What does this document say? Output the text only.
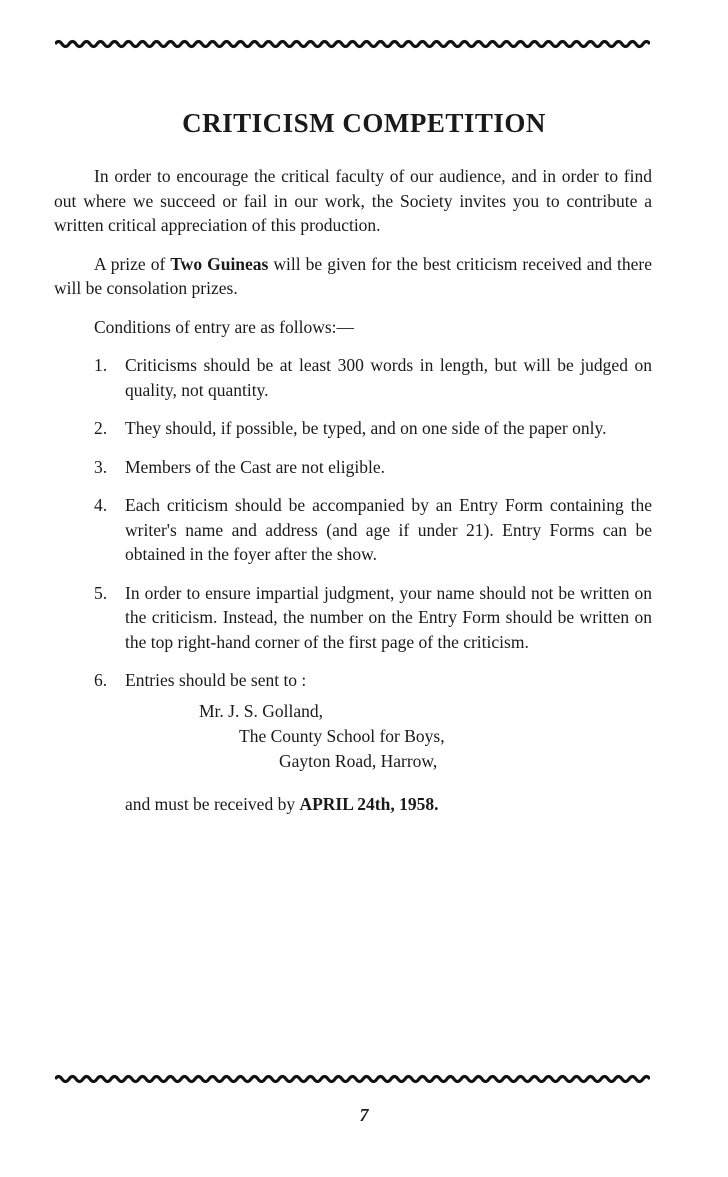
CRITICISM COMPETITION

In order to encourage the critical faculty of our audience, and in order to find out where we succeed or fail in our work, the Society invites you to contribute a written critical appreciation of this production.

A prize of Two Guineas will be given for the best criticism received and there will be consolation prizes.

Conditions of entry are as follows:—

1. Criticisms should be at least 300 words in length, but will be judged on quality, not quantity.
2. They should, if possible, be typed, and on one side of the paper only.
3. Members of the Cast are not eligible.
4. Each criticism should be accompanied by an Entry Form containing the writer's name and address (and age if under 21). Entry Forms can be obtained in the foyer after the show.
5. In order to ensure impartial judgment, your name should not be written on the criticism. Instead, the number on the Entry Form should be written on the top right-hand corner of the first page of the criticism.
6. Entries should be sent to :
Mr. J. S. Golland,
The County School for Boys,
Gayton Road, Harrow,

and must be received by APRIL 24th, 1958.

7
